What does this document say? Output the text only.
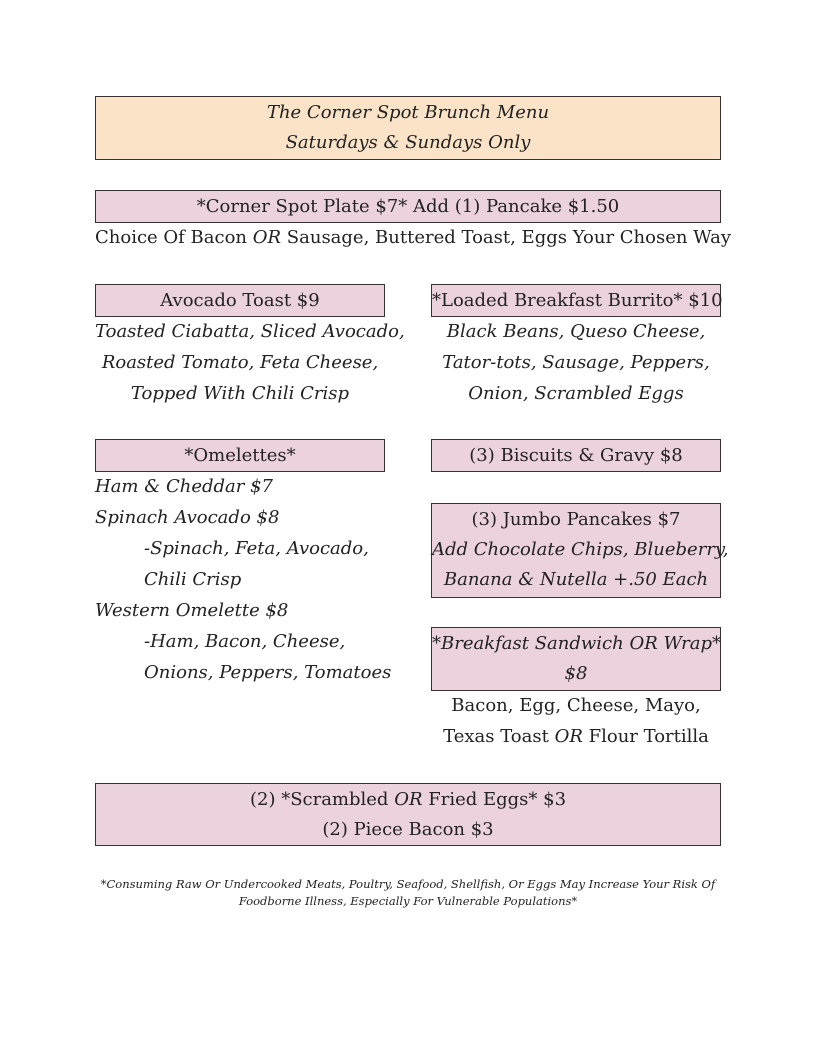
The Corner Spot Brunch Menu
Saturdays & Sundays Only
*Corner Spot Plate $7* Add (1) Pancake $1.50
Choice Of Bacon OR Sausage, Buttered Toast, Eggs Your Chosen Way
Avocado Toast $9
Toasted Ciabatta, Sliced Avocado,
Roasted Tomato, Feta Cheese,
Topped With Chili Crisp
*Loaded Breakfast Burrito* $10
Black Beans, Queso Cheese,
Tator-tots, Sausage, Peppers,
Onion, Scrambled Eggs
*Omelettes*
Ham & Cheddar $7
Spinach Avocado $8
-Spinach, Feta, Avocado,
Chili Crisp
Western Omelette $8
-Ham, Bacon, Cheese,
Onions, Peppers, Tomatoes
(3) Biscuits & Gravy $8
(3) Jumbo Pancakes $7
Add Chocolate Chips, Blueberry,
Banana & Nutella +.50 Each
*Breakfast Sandwich OR Wrap*
$8
Bacon, Egg, Cheese, Mayo,
Texas Toast OR Flour Tortilla
(2) *Scrambled OR Fried Eggs* $3
(2) Piece Bacon $3
*Consuming Raw Or Undercooked Meats, Poultry, Seafood, Shellfish, Or Eggs May Increase Your Risk Of
Foodborne Illness, Especially For Vulnerable Populations*
